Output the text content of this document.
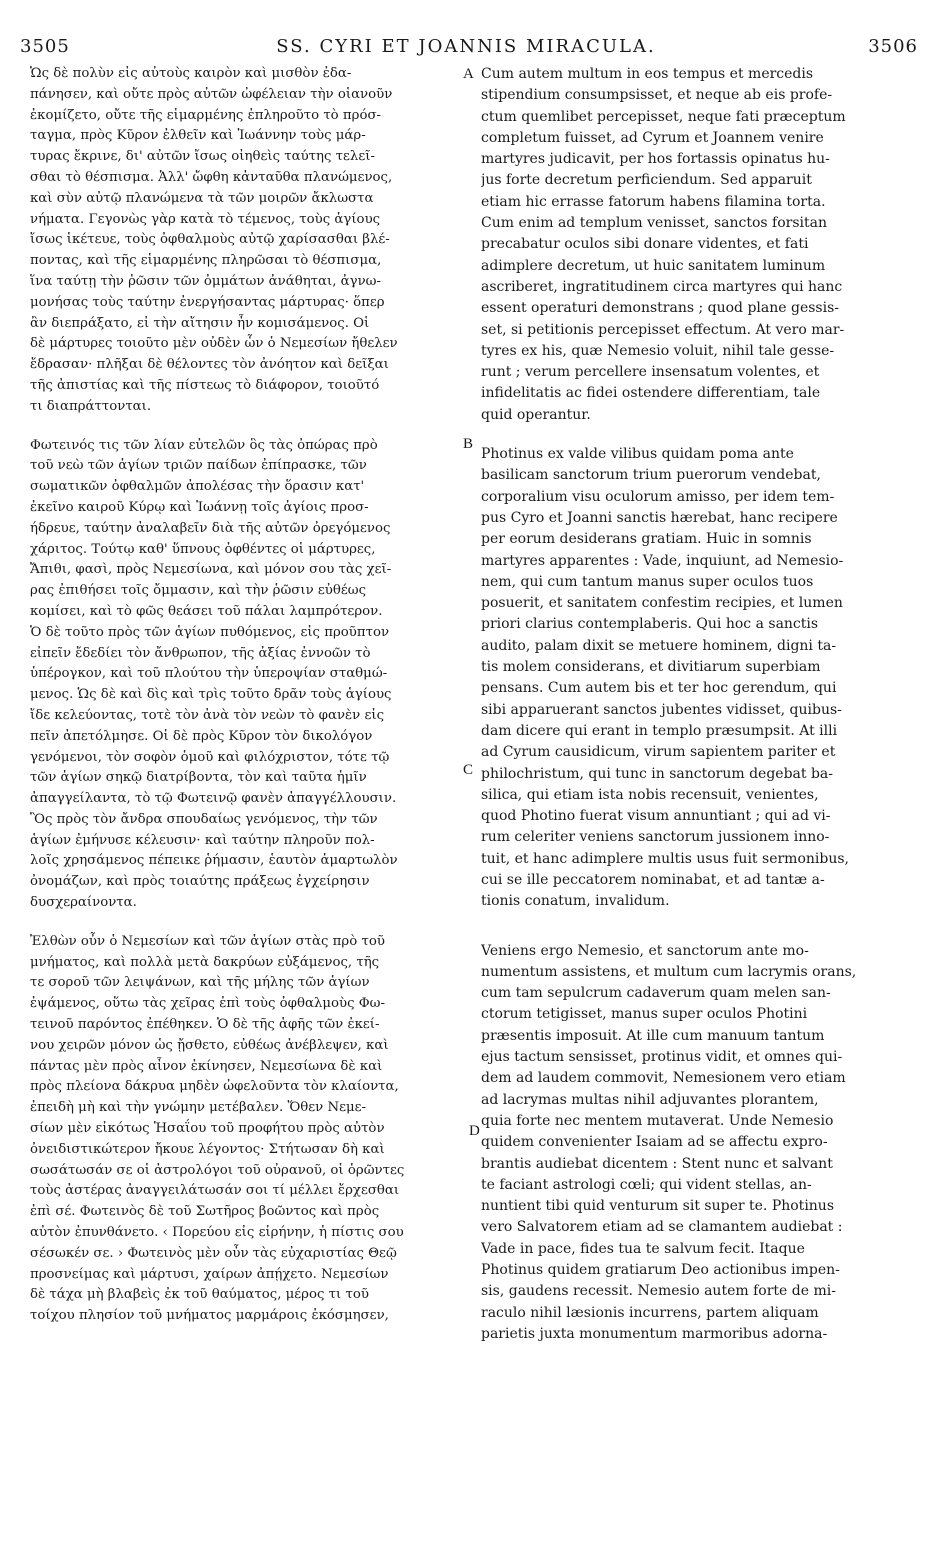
3505	SS. CYRI ET JOANNIS MIRACULA.	3506
A
B
C
D
Ὡς δὲ πολὺν εἰς αὐτοὺς καιρὸν καὶ μισθὸν ἐδα-
πάνησεν, καὶ οὔτε πρὸς αὐτῶν ὠφέλειαν τὴν οἱανοῦν
ἐκομίζετο, οὔτε τῆς εἱμαρμένης ἐπληροῦτο τὸ πρόσ-
ταγμα, πρὸς Κῦρον ἐλθεῖν καὶ Ἰωάννην τοὺς μάρ-
τυρας ἔκρινε, δι' αὐτῶν ἴσως οἰηθεὶς ταύτης τελεῖ-
σθαι τὸ θέσπισμα. Ἀλλ' ὤφθη κἀνταῦθα πλανώμενος,
καὶ σὺν αὐτῷ πλανώμενα τὰ τῶν μοιρῶν ἄκλωστα
νήματα. Γεγονὼς γὰρ κατὰ τὸ τέμενος, τοὺς ἁγίους
ἴσως ἱκέτευε, τοὺς ὀφθαλμοὺς αὐτῷ χαρίσασθαι βλέ-
ποντας, καὶ τῆς εἱμαρμένης πληρῶσαι τὸ θέσπισμα,
ἵνα ταύτῃ τὴν ῥῶσιν τῶν ὀμμάτων ἀνάθηται, ἀγνω-
μονήσας τοὺς ταύτην ἐνεργήσαντας μάρτυρας· ὅπερ
ἂν διεπράξατο, εἰ τὴν αἴτησιν ἦν κομισάμενος. Οἱ
δὲ μάρτυρες τοιοῦτο μὲν οὐδὲν ὧν ὁ Νεμεσίων ἤθελεν
ἔδρασαν· πλῆξαι δὲ θέλοντες τὸν ἀνόητον καὶ δεῖξαι
τῆς ἀπιστίας καὶ τῆς πίστεως τὸ διάφορον, τοιοῦτό
τι διαπράττονται.
Φωτεινός τις τῶν λίαν εὐτελῶν ὃς τὰς ὀπώρας πρὸ
τοῦ νεὼ τῶν ἁγίων τριῶν παίδων ἐπίπρασκε, τῶν
σωματικῶν ὀφθαλμῶν ἀπολέσας τὴν ὅρασιν κατ'
ἐκεῖνο καιροῦ Κύρῳ καὶ Ἰωάννῃ τοῖς ἁγίοις προσ-
ήδρευε, ταύτην ἀναλαβεῖν διὰ τῆς αὐτῶν ὀρεγόμενος
χάριτος. Τούτῳ καθ' ὕπνους ὀφθέντες οἱ μάρτυρες,
Ἄπιθι, φασὶ, πρὸς Νεμεσίωνα, καὶ μόνον σου τὰς χεῖ-
ρας ἐπιθήσει τοῖς ὄμμασιν, καὶ τὴν ῥῶσιν εὐθέως
κομίσει, καὶ τὸ φῶς θεάσει τοῦ πάλαι λαμπρότερον.
Ὁ δὲ τοῦτο πρὸς τῶν ἁγίων πυθόμενος, εἰς προῦπτον
εἰπεῖν ἔδεδίει τὸν ἄνθρωπον, τῆς ἀξίας ἐννοῶν τὸ
ὑπέρογκον, καὶ τοῦ πλούτου τὴν ὑπεροψίαν σταθμώ-
μενος. Ὡς δὲ καὶ δὶς καὶ τρὶς τοῦτο δρᾶν τοὺς ἁγίους
ἴδε κελεύοντας, τοτὲ τὸν ἀνὰ τὸν νεὼν τὸ φανὲν εἰς
πεῖν ἀπετόλμησε. Οἱ δὲ πρὸς Κῦρον τὸν δικολόγον
γενόμενοι, τὸν σοφὸν ὁμοῦ καὶ φιλόχριστον, τότε τῷ
τῶν ἁγίων σηκῷ διατρίβοντα, τὸν καὶ ταῦτα ἡμῖν
ἀπαγγείλαντα, τὸ τῷ Φωτεινῷ φανὲν ἀπαγγέλλουσιν.
Ὃς πρὸς τὸν ἄνδρα σπουδαίως γενόμενος, τὴν τῶν
ἁγίων ἐμήνυσε κέλευσιν· καὶ ταύτην πληροῦν πολ-
λοῖς χρησάμενος πέπεικε ῥήμασιν, ἑαυτὸν ἁμαρτωλὸν
ὀνομάζων, καὶ πρὸς τοιαύτης πράξεως ἐγχείρησιν
δυσχεραίνοντα.
Ἐλθὼν οὖν ὁ Νεμεσίων καὶ τῶν ἁγίων στὰς πρὸ τοῦ
μνήματος, καὶ πολλὰ μετὰ δακρύων εὐξάμενος, τῆς
τε σοροῦ τῶν λειψάνων, καὶ τῆς μήλης τῶν ἁγίων
ἐψάμενος, οὕτω τὰς χεῖρας ἐπὶ τοὺς ὀφθαλμοὺς Φω-
τεινοῦ παρόντος ἐπέθηκεν. Ὁ δὲ τῆς ἁφῆς τῶν ἐκεί-
νου χειρῶν μόνον ὡς ᾔσθετο, εὐθέως ἀνέβλεψεν, καὶ
πάντας μὲν πρὸς αἶνον ἐκίνησεν, Νεμεσίωνα δὲ καὶ
πρὸς πλείονα δάκρυα μηδὲν ὠφελοῦντα τὸν κλαίοντα,
ἐπειδὴ μὴ καὶ τὴν γνώμην μετέβαλεν. Ὅθεν Νεμε-
σίων μὲν εἰκότως Ἡσαΐου τοῦ προφήτου πρὸς αὐτὸν
ὀνειδιστικώτερον ἤκουε λέγοντος· Στήτωσαν δὴ καὶ
σωσάτωσάν σε οἱ ἀστρολόγοι τοῦ οὐρανοῦ, οἱ ὁρῶντες
τοὺς ἀστέρας ἀναγγειλάτωσάν σοι τί μέλλει ἔρχεσθαι
ἐπὶ σέ. Φωτεινὸς δὲ τοῦ Σωτῆρος βοῶντος καὶ πρὸς
αὐτὸν ἐπυνθάνετο. ‹ Πορεύου εἰς εἰρήνην, ἡ πίστις σου
σέσωκέν σε. › Φωτεινὸς μὲν οὖν τὰς εὐχαριστίας Θεῷ
προσνείμας καὶ μάρτυσι, χαίρων ἀπῄχετο. Νεμεσίων
δὲ τάχα μὴ βλαβεὶς ἐκ τοῦ θαύματος, μέρος τι τοῦ
τοίχου πλησίον τοῦ μνήματος μαρμάροις ἐκόσμησεν,
Cum autem multum in eos tempus et mercedis
stipendium consumpsisset, et neque ab eis profe-
ctum quemlibet percepisset, neque fati præceptum
completum fuisset, ad Cyrum et Joannem venire
martyres judicavit, per hos fortassis opinatus hu-
jus forte decretum perficiendum. Sed apparuit
etiam hic errasse fatorum habens filamina torta.
Cum enim ad templum venisset, sanctos forsitan
precabatur oculos sibi donare videntes, et fati
adimplere decretum, ut huic sanitatem luminum
ascriberet, ingratitudinem circa martyres qui hanc
essent operaturi demonstrans ; quod plane gessis-
set, si petitionis percepisset effectum. At vero mar-
tyres ex his, quæ Nemesio voluit, nihil tale gesse-
runt ; verum percellere insensatum volentes, et
infidelitatis ac fidei ostendere differentiam, tale
quid operantur.
Photinus ex valde vilibus quidam poma ante
basilicam sanctorum trium puerorum vendebat,
corporalium visu oculorum amisso, per idem tem-
pus Cyro et Joanni sanctis hærebat, hanc recipere
per eorum desiderans gratiam. Huic in somnis
martyres apparentes : Vade, inquiunt, ad Nemesio-
nem, qui cum tantum manus super oculos tuos
posuerit, et sanitatem confestim recipies, et lumen
priori clarius contemplaberis. Qui hoc a sanctis
audito, palam dixit se metuere hominem, digni ta-
tis molem considerans, et divitiarum superbiam
pensans. Cum autem bis et ter hoc gerendum, qui
sibi apparuerant sanctos jubentes vidisset, quibus-
dam dicere qui erant in templo præsumpsit. At illi
ad Cyrum causidicum, virum sapientem pariter et
philochristum, qui tunc in sanctorum degebat ba-
silica, qui etiam ista nobis recensuit, venientes,
quod Photino fuerat visum annuntiant ; qui ad vi-
rum celeriter veniens sanctorum jussionem inno-
tuit, et hanc adimplere multis usus fuit sermonibus,
cui se ille peccatorem nominabat, et ad tantæ a-
tionis conatum, invalidum.
Veniens ergo Nemesio, et sanctorum ante mo-
numentum assistens, et multum cum lacrymis orans,
cum tam sepulcrum cadaverum quam melen san-
ctorum tetigisset, manus super oculos Photini
præsentis imposuit. At ille cum manuum tantum
ejus tactum sensisset, protinus vidit, et omnes qui-
dem ad laudem commovit, Nemesionem vero etiam
ad lacrymas multas nihil adjuvantes plorantem,
quia forte nec mentem mutaverat. Unde Nemesio
quidem convenienter Isaiam ad se affectu expro-
brantis audiebat dicentem : Stent nunc et salvant
te faciant astrologi cœli; qui vident stellas, an-
nuntient tibi quid venturum sit super te. Photinus
vero Salvatorem etiam ad se clamantem audiebat :
Vade in pace, fides tua te salvum fecit. Itaque
Photinus quidem gratiarum Deo actionibus impen-
sis, gaudens recessit. Nemesio autem forte de mi-
raculo nihil læsionis incurrens, partem aliquam
parietis juxta monumentum marmoribus adorna-
